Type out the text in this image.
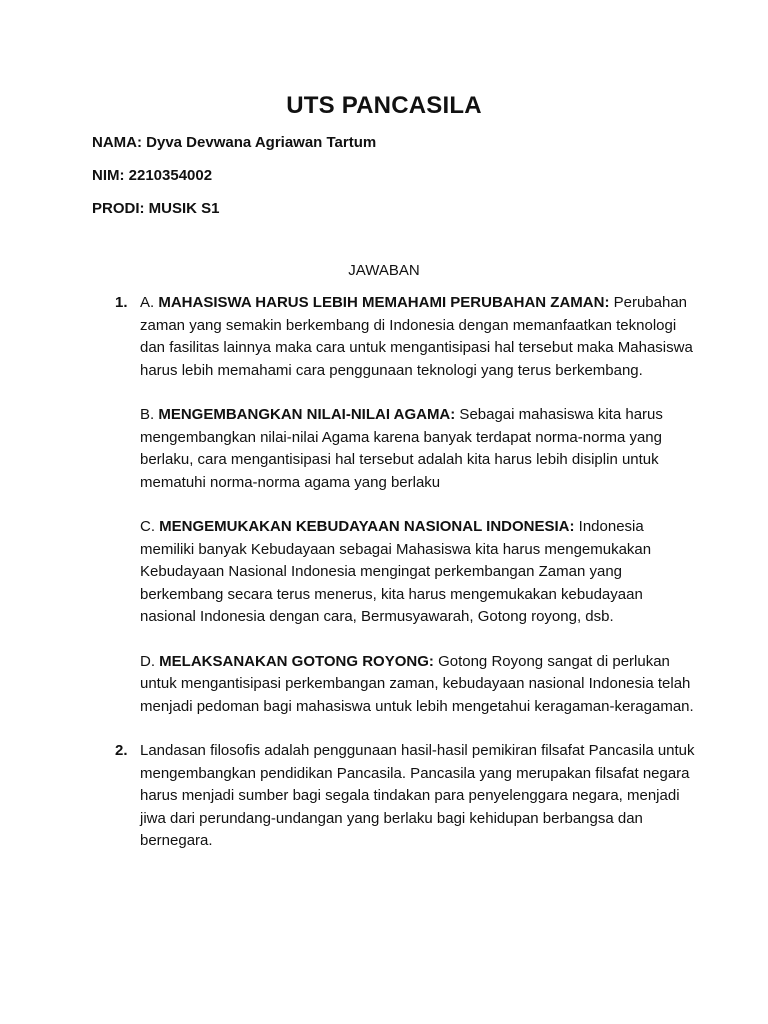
UTS PANCASILA
NAMA: Dyva Devwana Agriawan Tartum
NIM: 2210354002
PRODI: MUSIK S1
JAWABAN
1. A. MAHASISWA HARUS LEBIH MEMAHAMI PERUBAHAN ZAMAN: Perubahan zaman yang semakin berkembang di Indonesia dengan memanfaatkan teknologi dan fasilitas lainnya maka cara untuk mengantisipasi hal tersebut maka Mahasiswa harus lebih memahami cara penggunaan teknologi yang terus berkembang.

B. MENGEMBANGKAN NILAI-NILAI AGAMA: Sebagai mahasiswa kita harus mengembangkan nilai-nilai Agama karena banyak terdapat norma-norma yang berlaku, cara mengantisipasi hal tersebut adalah kita harus lebih disiplin untuk mematuhi norma-norma agama yang berlaku

C. MENGEMUKAKAN KEBUDAYAAN NASIONAL INDONESIA: Indonesia memiliki banyak Kebudayaan sebagai Mahasiswa kita harus mengemukakan Kebudayaan Nasional Indonesia mengingat perkembangan Zaman yang berkembang secara terus menerus, kita harus mengemukakan kebudayaan nasional Indonesia dengan cara, Bermusyawarah, Gotong royong, dsb.

D. MELAKSANAKAN GOTONG ROYONG: Gotong Royong sangat di perlukan untuk mengantisipasi perkembangan zaman, kebudayaan nasional Indonesia telah menjadi pedoman bagi mahasiswa untuk lebih mengetahui keragaman-keragaman.

2. Landasan filosofis adalah penggunaan hasil-hasil pemikiran filsafat Pancasila untuk mengembangkan pendidikan Pancasila. Pancasila yang merupakan filsafat negara harus menjadi sumber bagi segala tindakan para penyelenggara negara, menjadi jiwa dari perundang-undangan yang berlaku bagi kehidupan berbangsa dan bernegara.
